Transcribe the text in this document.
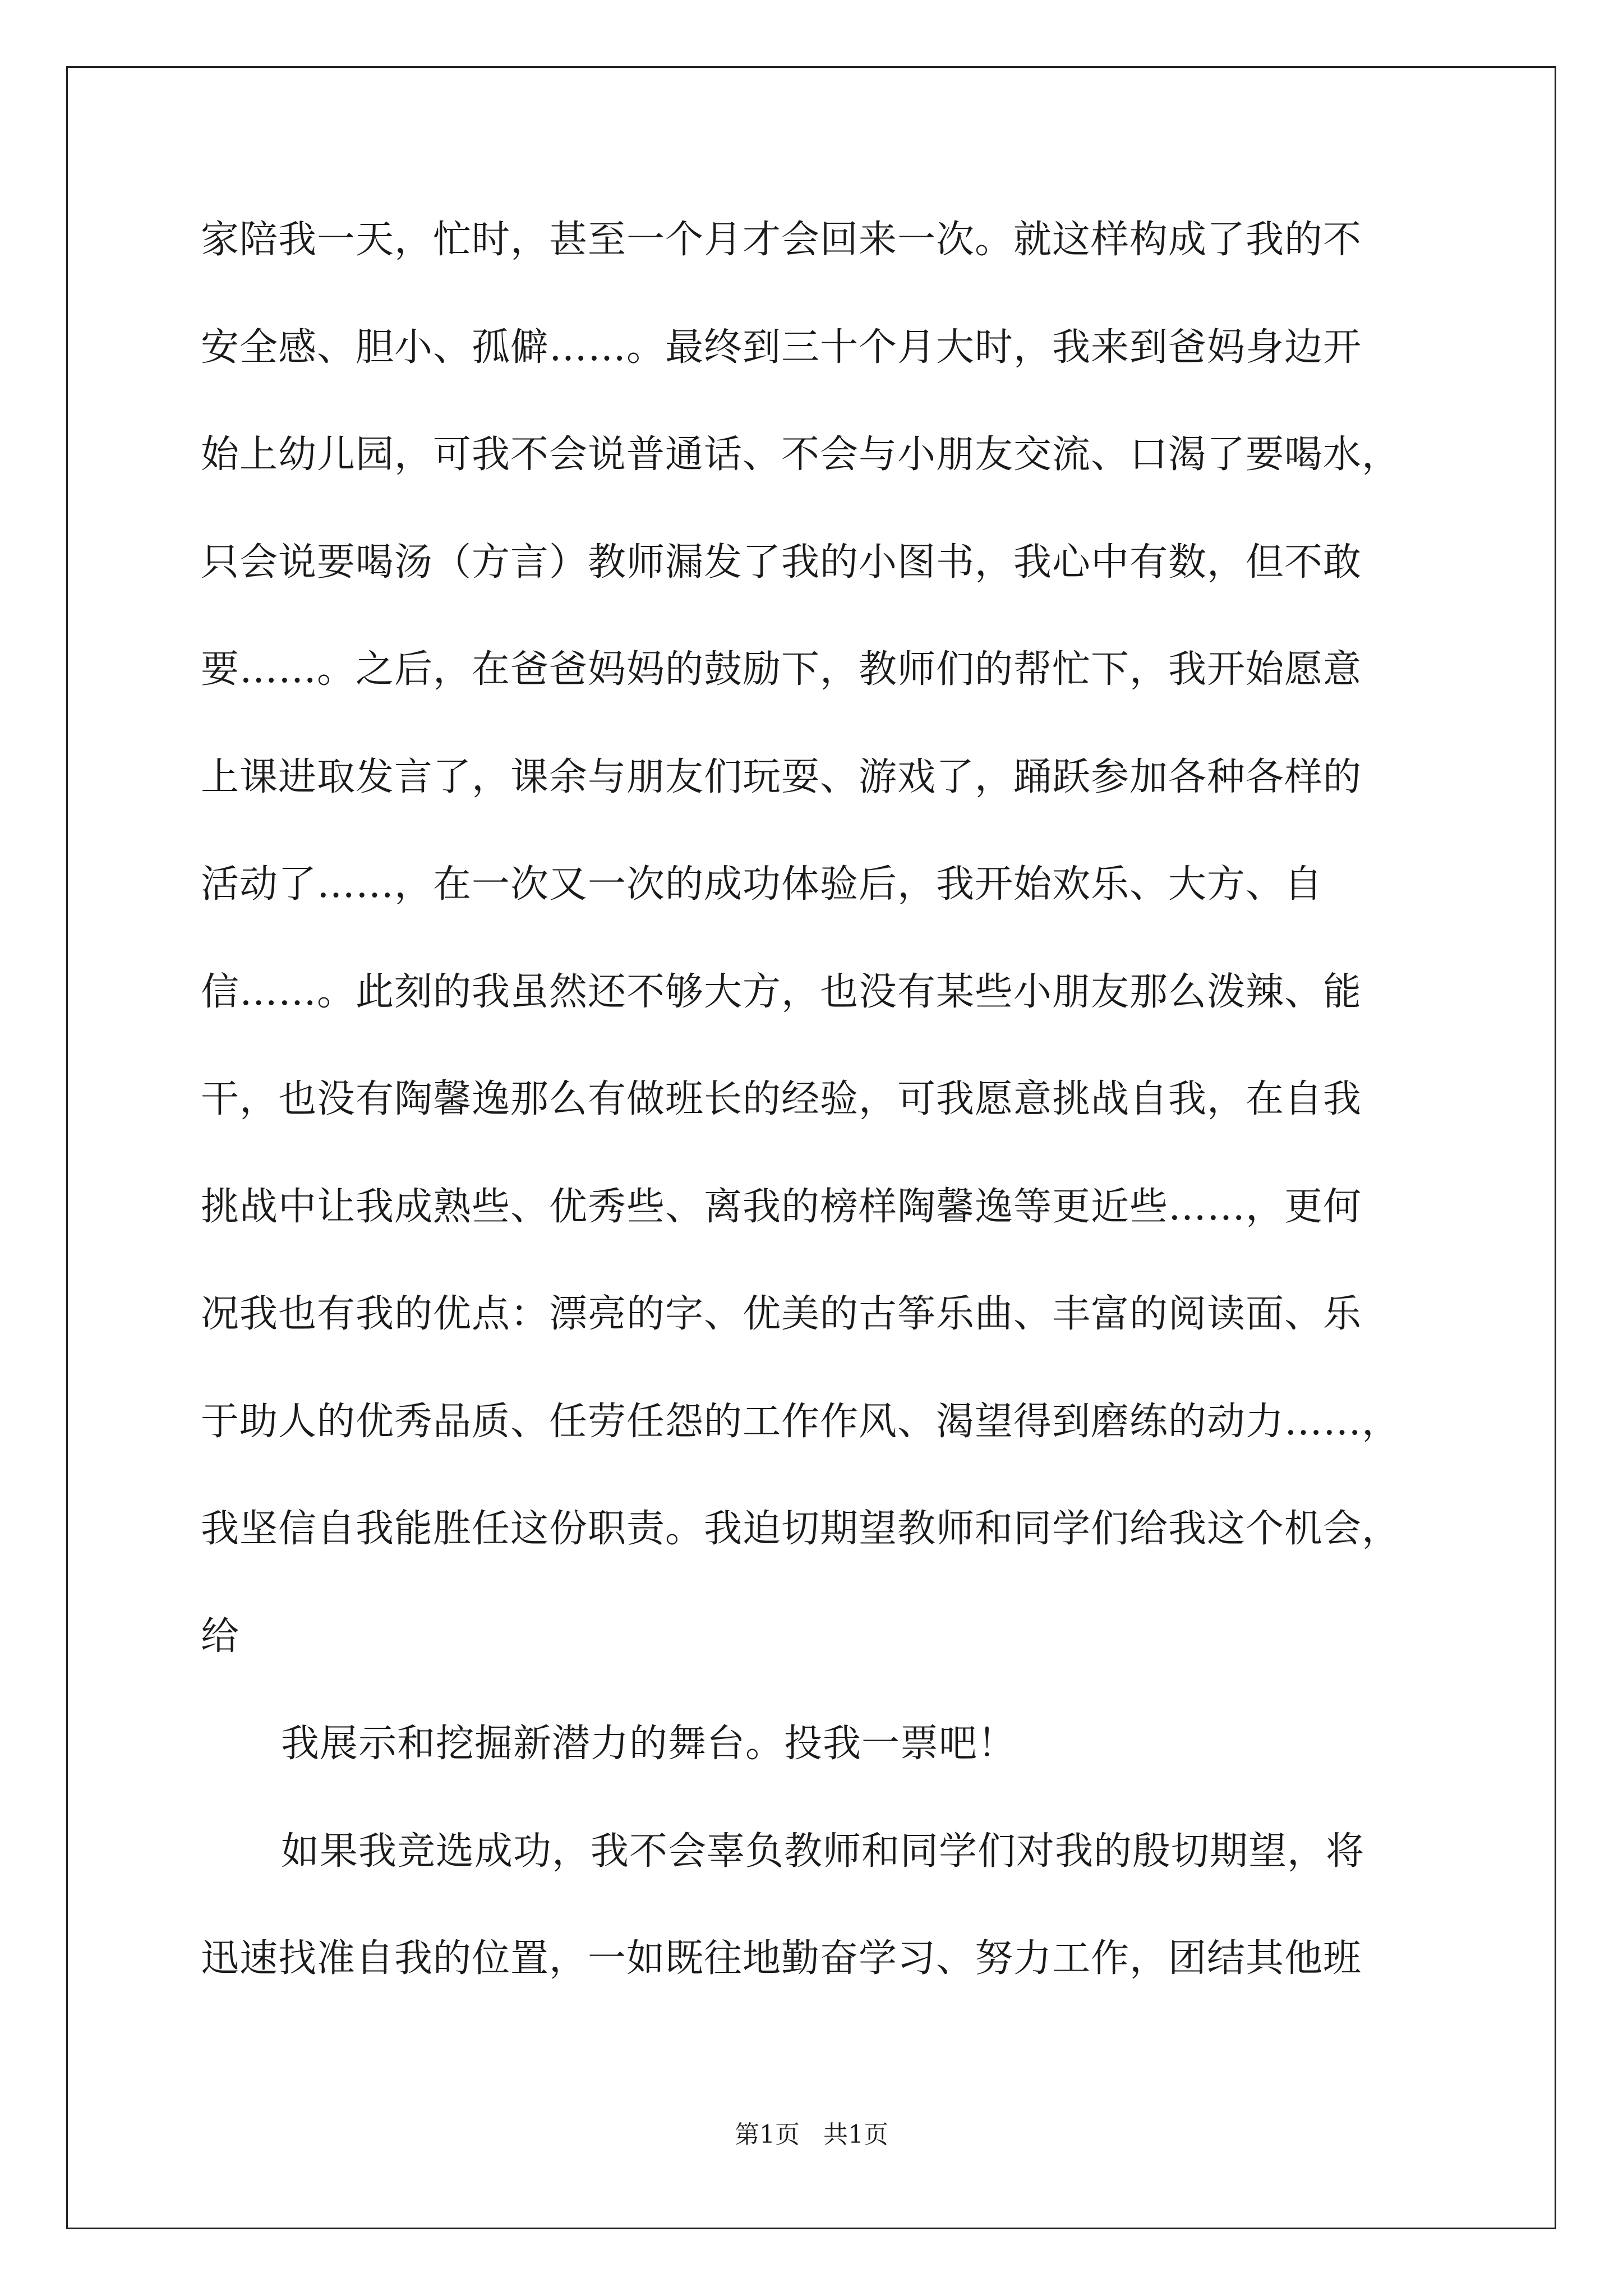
家陪我一天，忙时，甚至一个月才会回来一次。就这样构成了我的不
安全感、胆小、孤僻……。最终到三十个月大时，我来到爸妈身边开
始上幼儿园，可我不会说普通话、不会与小朋友交流、口渴了要喝水，
只会说要喝汤（方言）教师漏发了我的小图书，我心中有数，但不敢
要……。之后，在爸爸妈妈的鼓励下，教师们的帮忙下，我开始愿意
上课进取发言了，课余与朋友们玩耍、游戏了，踊跃参加各种各样的
活动了……，在一次又一次的成功体验后，我开始欢乐、大方、自
信……。此刻的我虽然还不够大方，也没有某些小朋友那么泼辣、能
干，也没有陶馨逸那么有做班长的经验，可我愿意挑战自我，在自我
挑战中让我成熟些、优秀些、离我的榜样陶馨逸等更近些……，更何
况我也有我的优点：漂亮的字、优美的古筝乐曲、丰富的阅读面、乐
于助人的优秀品质、任劳任怨的工作作风、渴望得到磨练的动力……，
我坚信自我能胜任这份职责。我迫切期望教师和同学们给我这个机会，
给
我展示和挖掘新潜力的舞台。投我一票吧！
如果我竞选成功，我不会辜负教师和同学们对我的殷切期望，将
迅速找准自我的位置，一如既往地勤奋学习、努力工作，团结其他班
第1页   共1页
